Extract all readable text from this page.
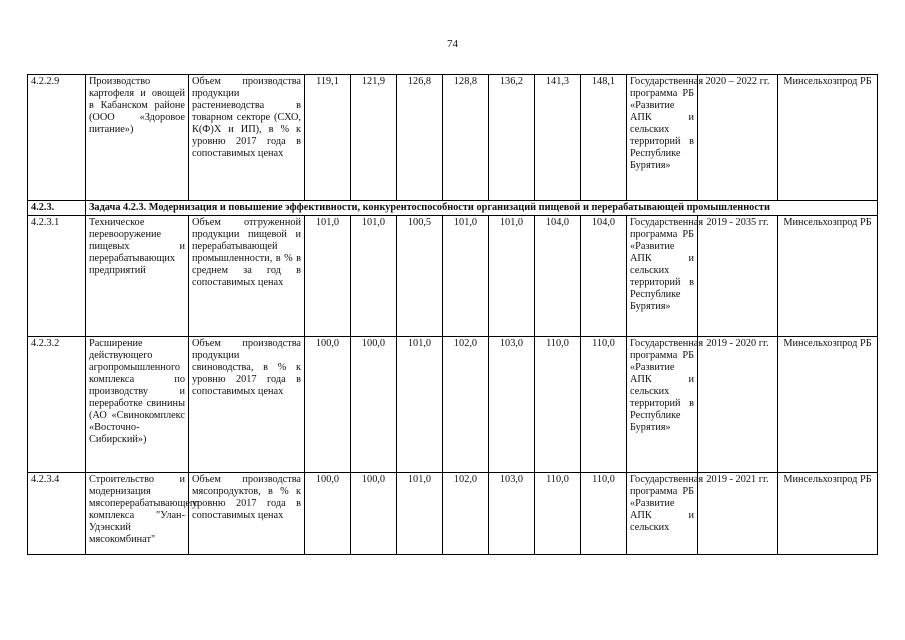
74
4.2.2.9	Производство картофеля и овощей в Кабанском районе (ООО «Здоровое питание»)	Объем производства продукции растениеводства в товарном секторе (СХО, К(Ф)Х и ИП), в % к уровню 2017 года в сопоставимых ценах	119,1	121,9	126,8	128,8	136,2	141,3	148,1	Государственная программа РБ «Развитие АПК и сельских территорий в Республике Бурятия»	2020 – 2022 гг.	Минсельхозпрод РБ
4.2.3.	Задача 4.2.3. Модернизация и повышение эффективности, конкурентоспособности организаций пищевой и перерабатывающей промышленности											
4.2.3.1	Техническое перевооружение пищевых и перерабатывающих предприятий	Объем отгруженной продукции пищевой и перерабатывающей промышленности, в % в среднем за год в сопоставимых ценах	101,0	101,0	100,5	101,0	101,0	104,0	104,0	Государственная программа РБ «Развитие АПК и сельских территорий в Республике Бурятия»	2019 - 2035 гг.	Минсельхозпрод РБ
4.2.3.2	Расширение действующего агропромышленного комплекса по производству и переработке свинины (АО «Свинокомплекс «Восточно-Сибирский»)	Объем производства продукции свиноводства, в % к уровню 2017 года в сопоставимых ценах	100,0	100,0	101,0	102,0	103,0	110,0	110,0	Государственная программа РБ «Развитие АПК и сельских территорий в Республике Бурятия»	2019 - 2020 гг.	Минсельхозпрод РБ
4.2.3.4	Строительство и модернизация мясоперерабатывающего комплекса "Улан-Удэнский мясокомбинат"	Объем производства мясопродуктов, в % к уровню 2017 года в сопоставимых ценах	100,0	100,0	101,0	102,0	103,0	110,0	110,0	Государственная программа РБ «Развитие АПК и сельских	2019 - 2021 гг.	Минсельхозпрод РБ
